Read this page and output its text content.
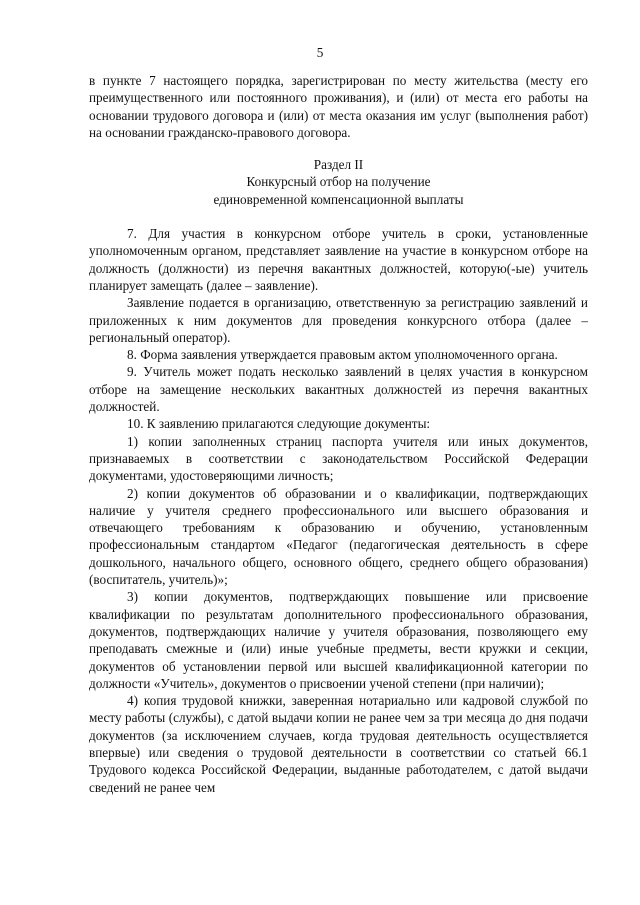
5

в пункте 7 настоящего порядка, зарегистрирован по месту жительства (месту его преимущественного или постоянного проживания), и (или) от места его работы на основании трудового договора и (или) от места оказания им услуг (выполнения работ) на основании гражданско-правового договора.

Раздел II
Конкурсный отбор на получение
единовременной компенсационной выплаты

7. Для участия в конкурсном отборе учитель в сроки, установленные уполномоченным органом, представляет заявление на участие в конкурсном отборе на должность (должности) из перечня вакантных должностей, которую(-ые) учитель планирует замещать (далее – заявление).

Заявление подается в организацию, ответственную за регистрацию заявлений и приложенных к ним документов для проведения конкурсного отбора (далее – региональный оператор).

8. Форма заявления утверждается правовым актом уполномоченного органа.

9. Учитель может подать несколько заявлений в целях участия в конкурсном отборе на замещение нескольких вакантных должностей из перечня вакантных должностей.

10. К заявлению прилагаются следующие документы:

1) копии заполненных страниц паспорта учителя или иных документов, признаваемых в соответствии с законодательством Российской Федерации документами, удостоверяющими личность;

2) копии документов об образовании и о квалификации, подтверждающих наличие у учителя среднего профессионального или высшего образования и отвечающего требованиям к образованию и обучению, установленным профессиональным стандартом «Педагог (педагогическая деятельность в сфере дошкольного, начального общего, основного общего, среднего общего образования) (воспитатель, учитель)»;

3) копии документов, подтверждающих повышение или присвоение квалификации по результатам дополнительного профессионального образования, документов, подтверждающих наличие у учителя образования, позволяющего ему преподавать смежные и (или) иные учебные предметы, вести кружки и секции, документов об установлении первой или высшей квалификационной категории по должности «Учитель», документов о присвоении ученой степени (при наличии);

4) копия трудовой книжки, заверенная нотариально или кадровой службой по месту работы (службы), с датой выдачи копии не ранее чем за три месяца до дня подачи документов (за исключением случаев, когда трудовая деятельность осуществляется впервые) или сведения о трудовой деятельности в соответствии со статьей 66.1 Трудового кодекса Российской Федерации, выданные работодателем, с датой выдачи сведений не ранее чем
